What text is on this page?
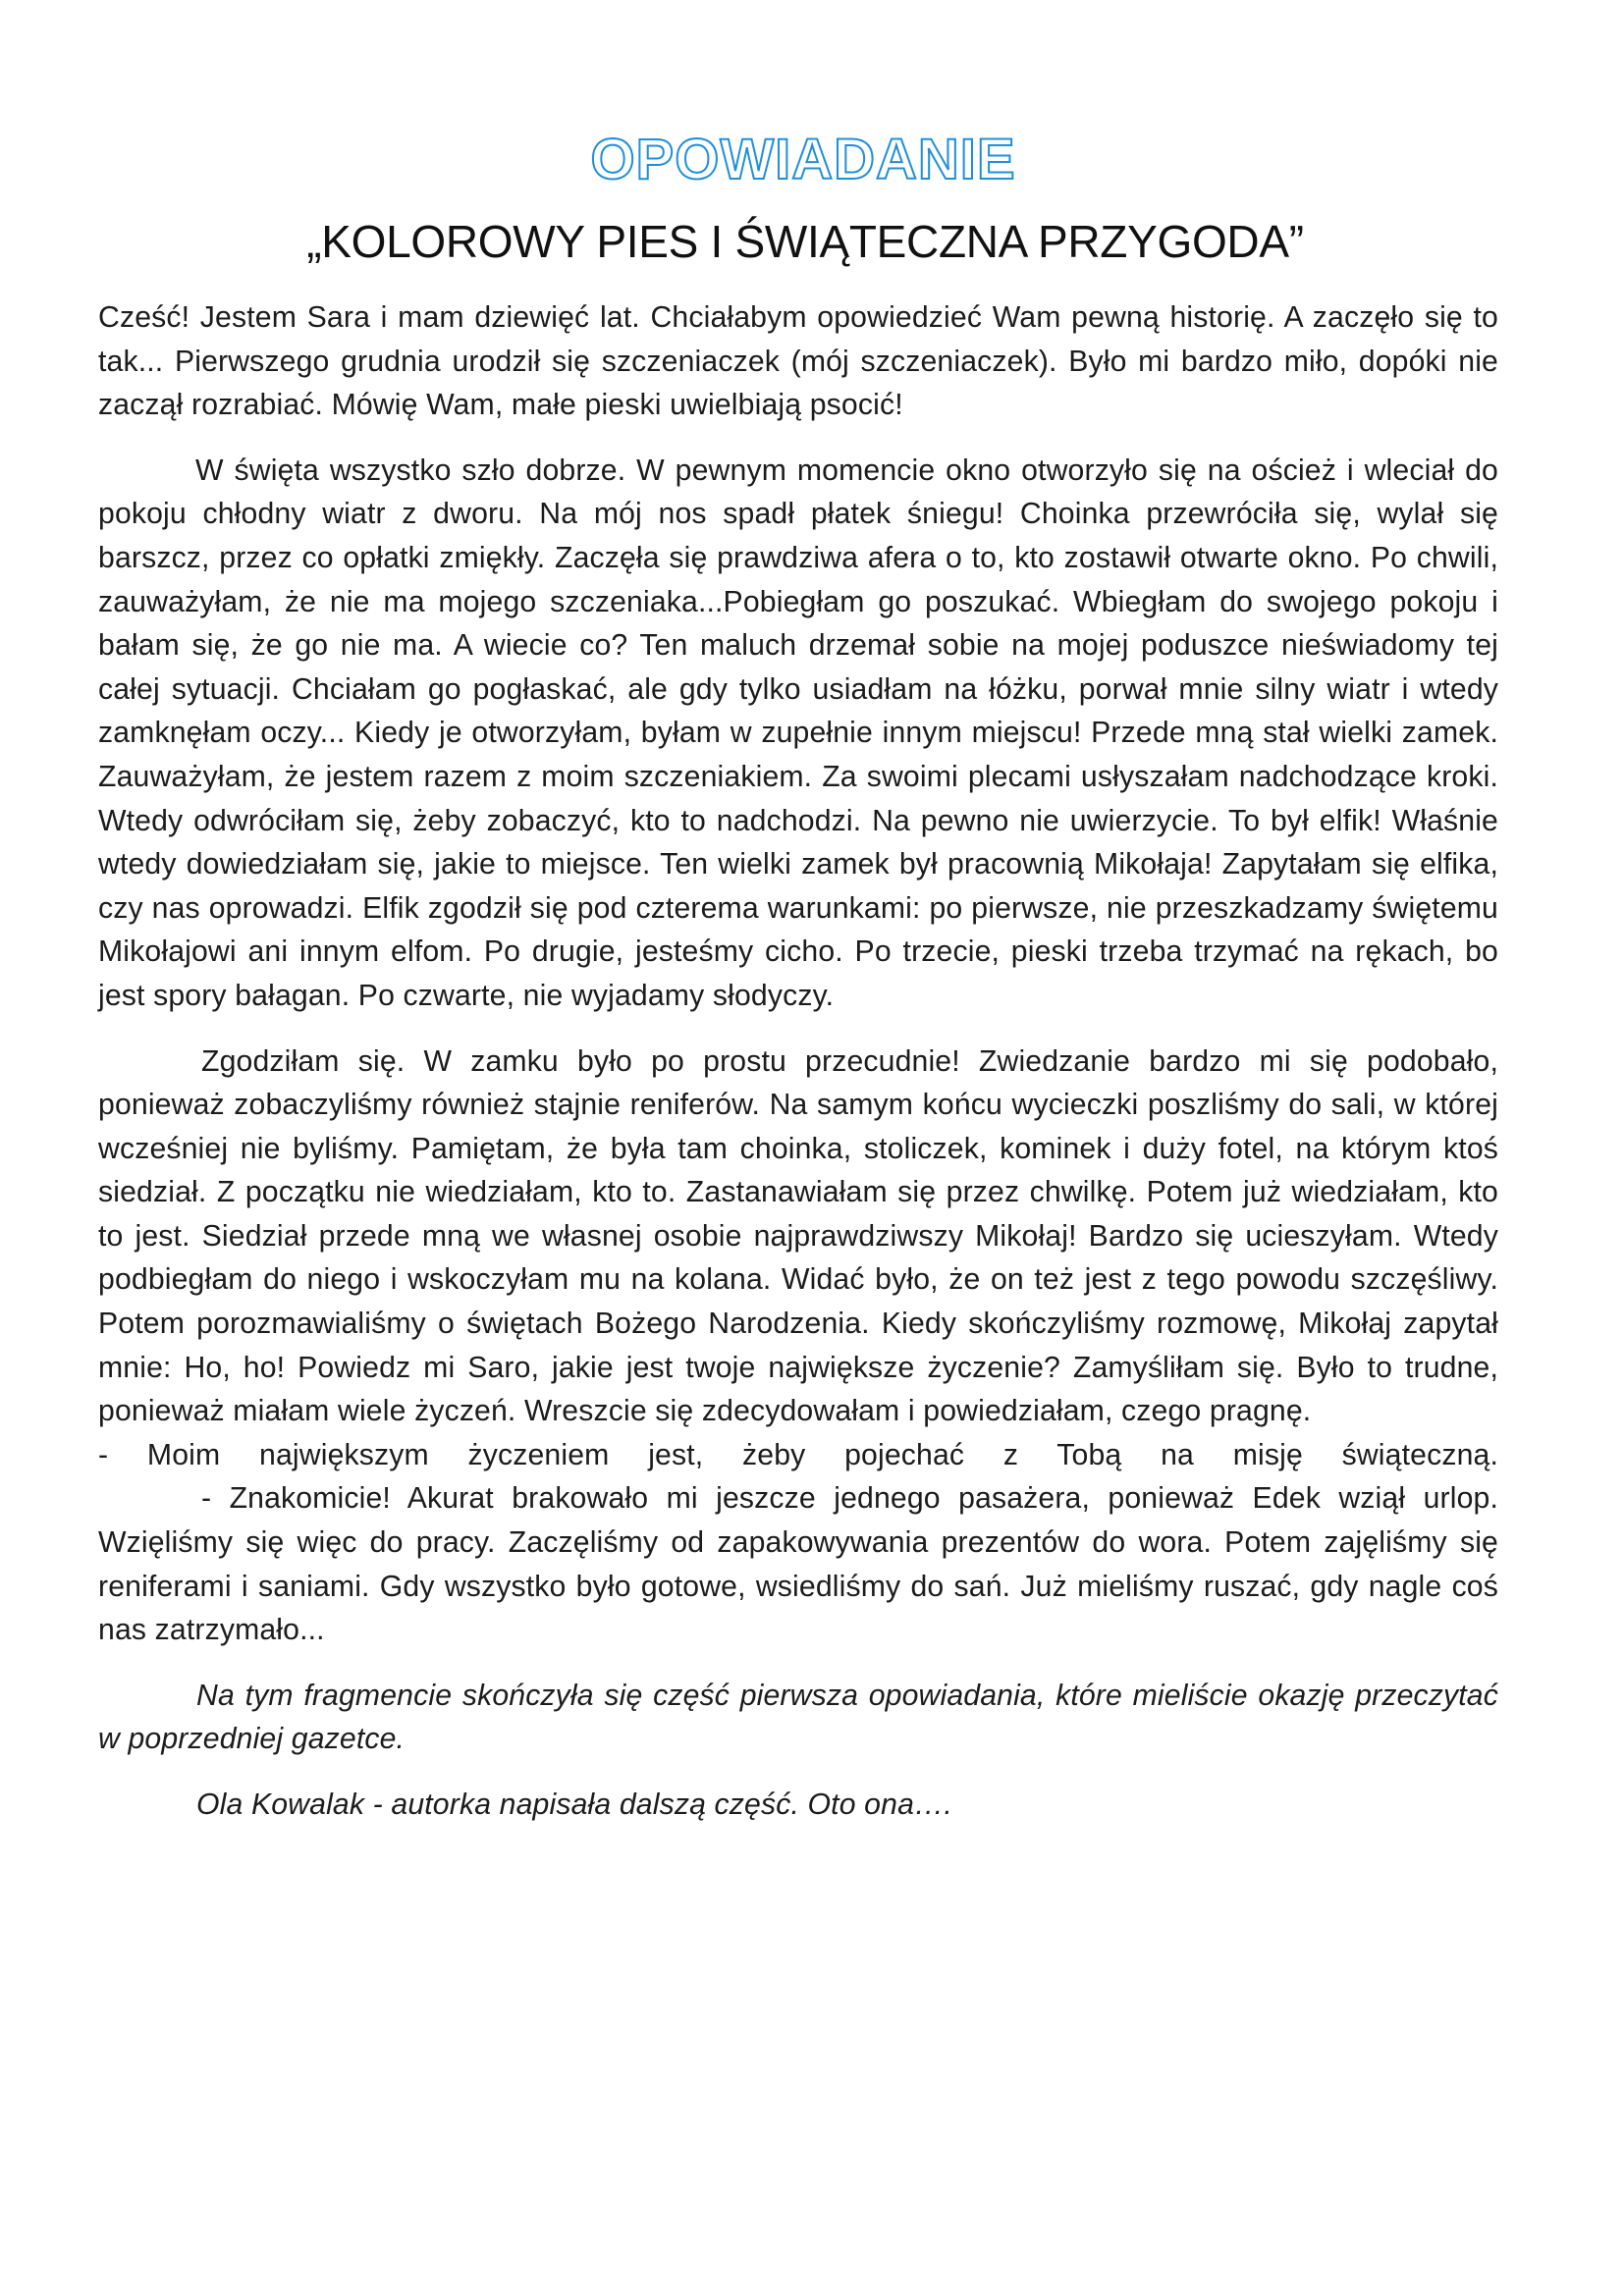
OPOWIADANIE
„KOLOROWY PIES I ŚWIĄTECZNA PRZYGODA”

Cześć! Jestem Sara i mam dziewięć lat. Chciałabym opowiedzieć Wam pewną historię. A zaczęło się to tak... Pierwszego grudnia urodził się szczeniaczek (mój szczeniaczek). Było mi bardzo miło, dopóki nie zaczął rozrabiać. Mówię Wam, małe pieski uwielbiają psocić!

W święta wszystko szło dobrze. W pewnym momencie okno otworzyło się na oścież i wleciał do pokoju chłodny wiatr z dworu. Na mój nos spadł płatek śniegu! Choinka przewróciła się, wylał się barszcz, przez co opłatki zmiękły. Zaczęła się prawdziwa afera o to, kto zostawił otwarte okno. Po chwili, zauważyłam, że nie ma mojego szczeniaka...Pobiegłam go poszukać. Wbiegłam do swojego pokoju i bałam się, że go nie ma. A wiecie co? Ten maluch drzemał sobie na mojej poduszce nieświadomy tej całej sytuacji. Chciałam go pogłaskać, ale gdy tylko usiadłam na łóżku, porwał mnie silny wiatr i wtedy zamknęłam oczy... Kiedy je otworzyłam, byłam w zupełnie innym miejscu! Przede mną stał wielki zamek. Zauważyłam, że jestem razem z moim szczeniakiem. Za swoimi plecami usłyszałam nadchodzące kroki. Wtedy odwróciłam się, żeby zobaczyć, kto to nadchodzi. Na pewno nie uwierzycie. To był elfik! Właśnie wtedy dowiedziałam się, jakie to miejsce. Ten wielki zamek był pracownią Mikołaja! Zapytałam się elfika, czy nas oprowadzi. Elfik zgodził się pod czterema warunkami: po pierwsze, nie przeszkadzamy świętemu Mikołajowi ani innym elfom. Po drugie, jesteśmy cicho. Po trzecie, pieski trzeba trzymać na rękach, bo jest spory bałagan. Po czwarte, nie wyjadamy słodyczy.

Zgodziłam się. W zamku było po prostu przecudnie! Zwiedzanie bardzo mi się podobało, ponieważ zobaczyliśmy również stajnie reniferów. Na samym końcu wycieczki poszliśmy do sali, w której wcześniej nie byliśmy. Pamiętam, że była tam choinka, stoliczek, kominek i duży fotel, na którym ktoś siedział. Z początku nie wiedziałam, kto to. Zastanawiałam się przez chwilkę. Potem już wiedziałam, kto to jest. Siedział przede mną we własnej osobie najprawdziwszy Mikołaj! Bardzo się ucieszyłam. Wtedy podbiegłam do niego i wskoczyłam mu na kolana. Widać było, że on też jest z tego powodu szczęśliwy. Potem porozmawialiśmy o świętach Bożego Narodzenia. Kiedy skończyliśmy rozmowę, Mikołaj zapytał mnie: Ho, ho! Powiedz mi Saro, jakie jest twoje największe życzenie? Zamyśliłam się. Było to trudne, ponieważ miałam wiele życzeń. Wreszcie się zdecydowałam i powiedziałam, czego pragnę.
- Moim największym życzeniem jest, żeby pojechać z Tobą na misję świąteczną.
- Znakomicie! Akurat brakowało mi jeszcze jednego pasażera, ponieważ Edek wziął urlop. Wzięliśmy się więc do pracy. Zaczęliśmy od zapakowywania prezentów do wora. Potem zajęliśmy się reniferami i saniami. Gdy wszystko było gotowe, wsiedliśmy do sań. Już mieliśmy ruszać, gdy nagle coś nas zatrzymało...

Na tym fragmencie skończyła się część pierwsza opowiadania, które mieliście okazję przeczytać w poprzedniej gazetce.

Ola Kowalak - autorka napisała dalszą część. Oto ona….
